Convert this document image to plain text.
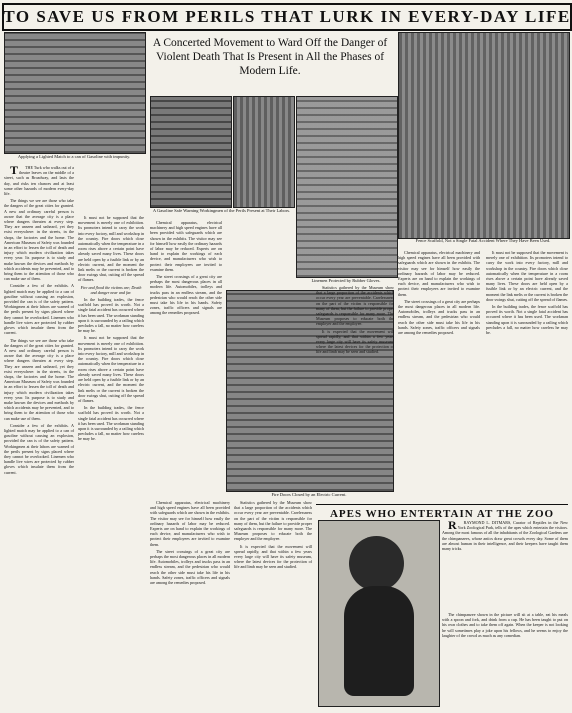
TO SAVE US FROM PERILS THAT LURK IN EVERY-DAY LIFE
Applying a Lighted Match to a can of Gasoline with impunity.
A Concerted Movement to Ward Off the Danger of Violent Death That Is Present in All the Phases of Modern Life.
Fence Scaffold, Not a Single Fatal Accident Where They Have Been Used.
A Gasoline Safe Warning Workingmen of the Perils Present at Their Labors.
Linemen Protected by Rubber Gloves.

T THE Turk who walks out of a theatre leaves on the middle of a street, such as Broadway, and lasts the day, and risks ten chances and at least some other hazards of modern every-day life.

The things we see are those who take the dangers of the great cities for granted. A new and ordinary careful person is aware that the average city is a place where dangers threaten at every step. They are unseen and unheard, yet they exist everywhere: in the streets, in the shops, the factories and the home. The American Museum of Safety was founded in an effort to lessen the toll of death and injury which modern civilization takes every year. Its purpose is to study and make known the devices and methods by which accidents may be prevented, and to bring them to the attention of those who can make use of them.

Consider a few of the exhibits. A lighted match may be applied to a can of gasoline without causing an explosion, provided the can is of the safety pattern. Workingmen at their labors are warned of the perils present by signs placed where they cannot be overlooked. Linemen who handle live wires are protected by rubber gloves which insulate them from the current.

The things we see are those who take the dangers of the great cities for granted. A new and ordinary careful person is aware that the average city is a place where dangers threaten at every step. They are unseen and unheard, yet they exist everywhere: in the streets, in the shops, the factories and the home. The American Museum of Safety was founded in an effort to lessen the toll of death and injury which modern civilization takes every year. Its purpose is to study and make known the devices and methods by which accidents may be prevented, and to bring them to the attention of those who can make use of them.

Consider a few of the exhibits. A lighted match may be applied to a can of gasoline without causing an explosion, provided the can is of the safety pattern. Workingmen at their labors are warned of the perils present by signs placed where they cannot be overlooked. Linemen who handle live wires are protected by rubber gloves which insulate them from the current.

It must not be supposed that the movement is merely one of exhibition. Its promoters intend to carry the work into every factory, mill and workshop in the country. Fire doors which close automatically when the temperature in a room rises above a certain point have already saved many lives. These doors are held open by a fusible link or by an electric current, and the moment the link melts or the current is broken the door swings shut, cutting off the spread of flames.

Fire and flood the victims are; Death and danger near and far.

In the building trades, the fence scaffold has proved its worth. Not a single fatal accident has occurred where it has been used. The workman standing upon it is surrounded by a railing which precludes a fall, no matter how careless he may be.

It must not be supposed that the movement is merely one of exhibition. Its promoters intend to carry the work into every factory, mill and workshop in the country. Fire doors which close automatically when the temperature in a room rises above a certain point have already saved many lives. These doors are held open by a fusible link or by an electric current, and the moment the link melts or the current is broken the door swings shut, cutting off the spread of flames.

In the building trades, the fence scaffold has proved its worth. Not a single fatal accident has occurred where it has been used. The workman standing upon it is surrounded by a railing which precludes a fall, no matter how careless he may be.

Chemical apparatus, electrical machinery and high speed engines have all been provided with safeguards which are shown in the exhibits. The visitor may see for himself how easily the ordinary hazards of labor may be reduced. Experts are on hand to explain the workings of each device, and manufacturers who wish to protect their employees are invited to examine them.

The street crossings of a great city are perhaps the most dangerous places in all modern life. Automobiles, trolleys and trucks pass in an endless stream, and the pedestrian who would reach the other side must take his life in his hands. Safety zones, traffic officers and signals are among the remedies proposed.

Fire Doors Closed by an Electric Current.

Chemical apparatus, electrical machinery and high speed engines have all been provided with safeguards which are shown in the exhibits. The visitor may see for himself how easily the ordinary hazards of labor may be reduced. Experts are on hand to explain the workings of each device, and manufacturers who wish to protect their employees are invited to examine them.

The street crossings of a great city are perhaps the most dangerous places in all modern life. Automobiles, trolleys and trucks pass in an endless stream, and the pedestrian who would reach the other side must take his life in his hands. Safety zones, traffic officers and signals are among the remedies proposed.

Statistics gathered by the Museum show that a large proportion of the accidents which occur every year are preventable. Carelessness on the part of the victim is responsible for many of them, but the failure to provide proper safeguards is responsible for many more. The Museum proposes to educate both the employer and the employee.

It is expected that the movement will spread rapidly, and that within a few years every large city will have its safety museum, where the latest devices for the protection of life and limb may be seen and studied.

Statistics gathered by the Museum show that a large proportion of the accidents which occur every year are preventable. Carelessness on the part of the victim is responsible for many of them, but the failure to provide proper safeguards is responsible for many more. The Museum proposes to educate both the employer and the employee.

It is expected that the movement will spread rapidly, and that within a few years every large city will have its safety museum, where the latest devices for the protection of life and limb may be seen and studied.

Chemical apparatus, electrical machinery and high speed engines have all been provided with safeguards which are shown in the exhibits. The visitor may see for himself how easily the ordinary hazards of labor may be reduced. Experts are on hand to explain the workings of each device, and manufacturers who wish to protect their employees are invited to examine them.

The street crossings of a great city are perhaps the most dangerous places in all modern life. Automobiles, trolleys and trucks pass in an endless stream, and the pedestrian who would reach the other side must take his life in his hands. Safety zones, traffic officers and signals are among the remedies proposed.

It must not be supposed that the movement is merely one of exhibition. Its promoters intend to carry the work into every factory, mill and workshop in the country. Fire doors which close automatically when the temperature in a room rises above a certain point have already saved many lives. These doors are held open by a fusible link or by an electric current, and the moment the link melts or the current is broken the door swings shut, cutting off the spread of flames.

In the building trades, the fence scaffold has proved its worth. Not a single fatal accident has occurred where it has been used. The workman standing upon it is surrounded by a railing which precludes a fall, no matter how careless he may be.

APES WHO ENTERTAIN AT THE ZOO

R RAYMOND L. DITMARS, Curator of Reptiles in the New York Zoological Park, tells of the apes which entertain the visitors. Among the most famous of all the inhabitants of the Zoological Gardens are the chimpanzees, whose antics draw great crowds every day. Some of them are almost human in their intelligence, and their keepers have taught them many tricks.

The chimpanzee shown in the picture will sit at a table, eat his meals with a spoon and fork, and drink from a cup. He has been taught to put on his own clothes and to take them off again. When the keeper is not looking he will sometimes play a joke upon his fellows, and he seems to enjoy the laughter of the crowd as much as any comedian.
